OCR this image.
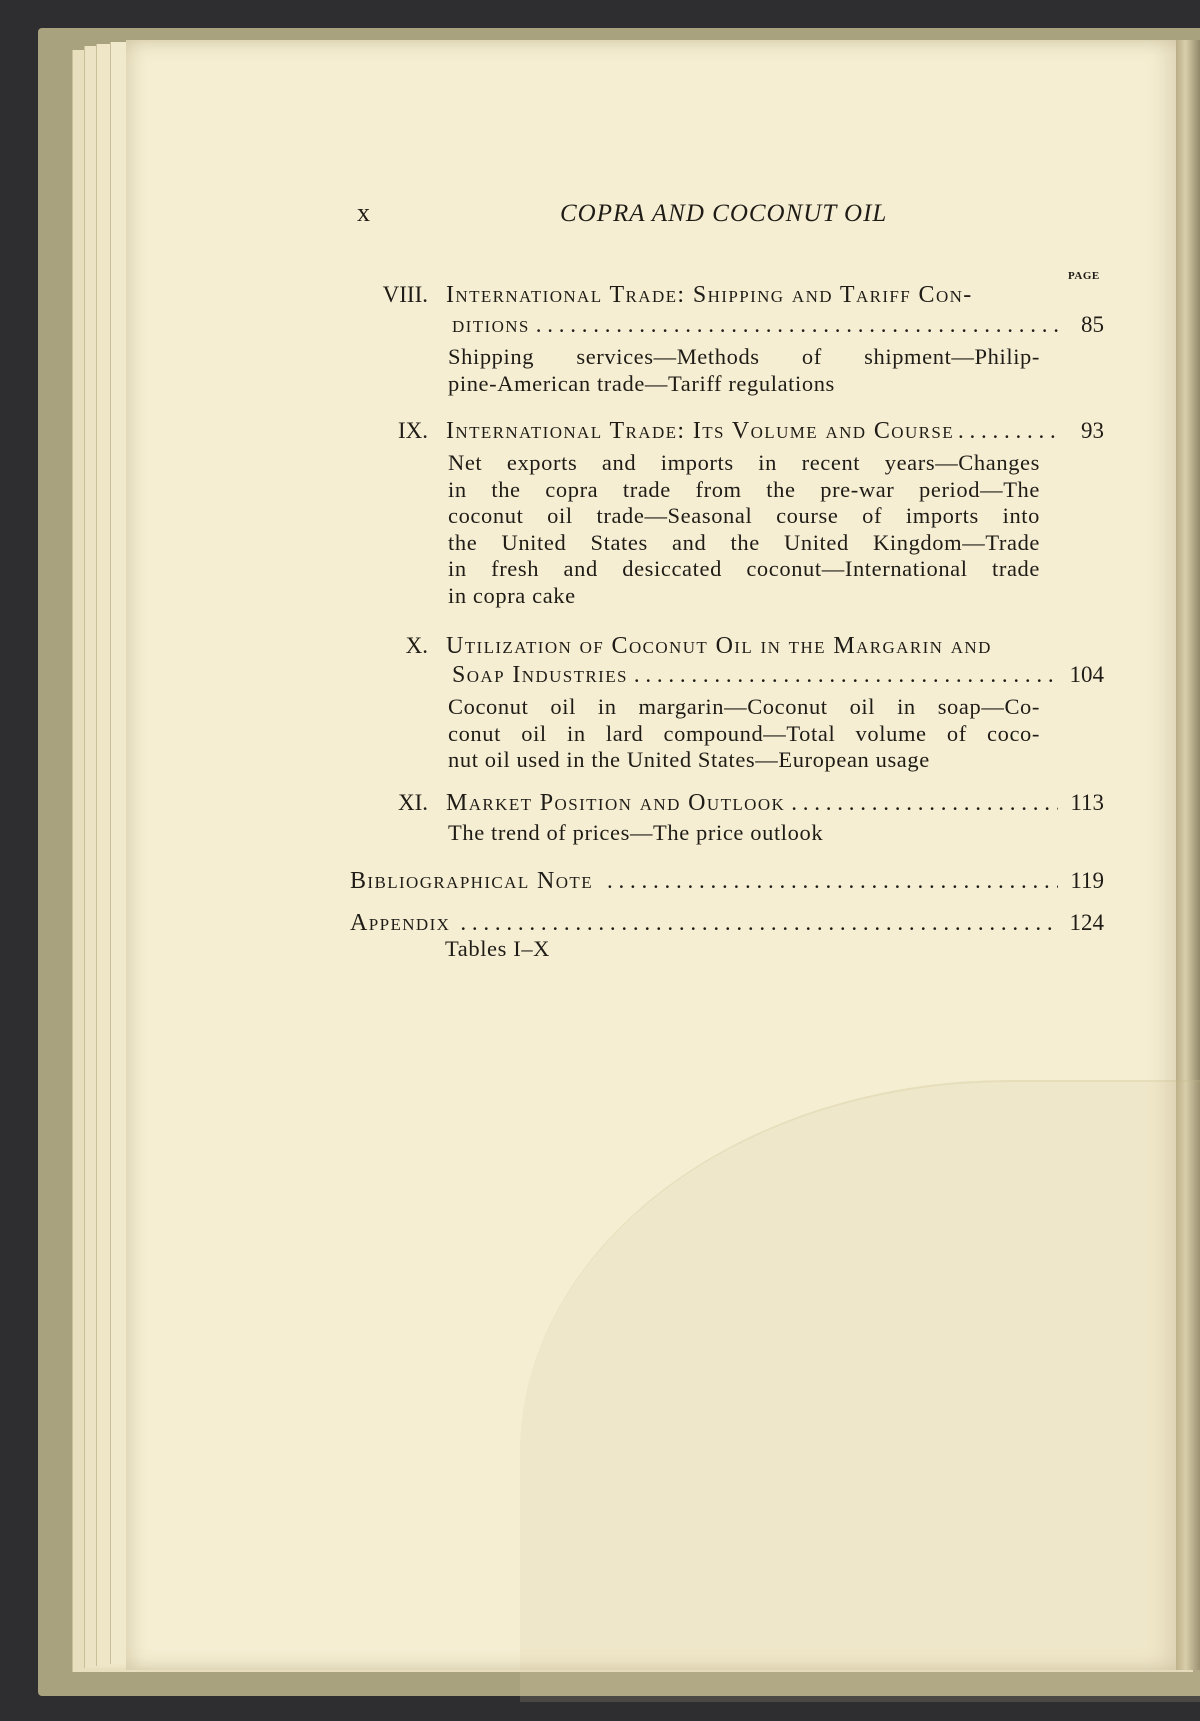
x	COPRA AND COCONUT OIL
PAGE
VIII. International Trade: Shipping and Tariff Con-
ditions . . .	85
Shipping services—Methods of shipment—Philip-
pine-American trade—Tariff regulations
IX. International Trade: Its Volume and Course . . .	93
Net exports and imports in recent years—Changes
in the copra trade from the pre-war period—The
coconut oil trade—Seasonal course of imports into
the United States and the United Kingdom—Trade
in fresh and desiccated coconut—International trade
in copra cake
X. Utilization of Coconut Oil in the Margarin and
Soap Industries . . .	104
Coconut oil in margarin—Coconut oil in soap—Co-
conut oil in lard compound—Total volume of coco-
nut oil used in the United States—European usage
XI. Market Position and Outlook . . .	113
The trend of prices—The price outlook
Bibliographical Note . . .	119
Appendix . . .	124
Tables I–X
